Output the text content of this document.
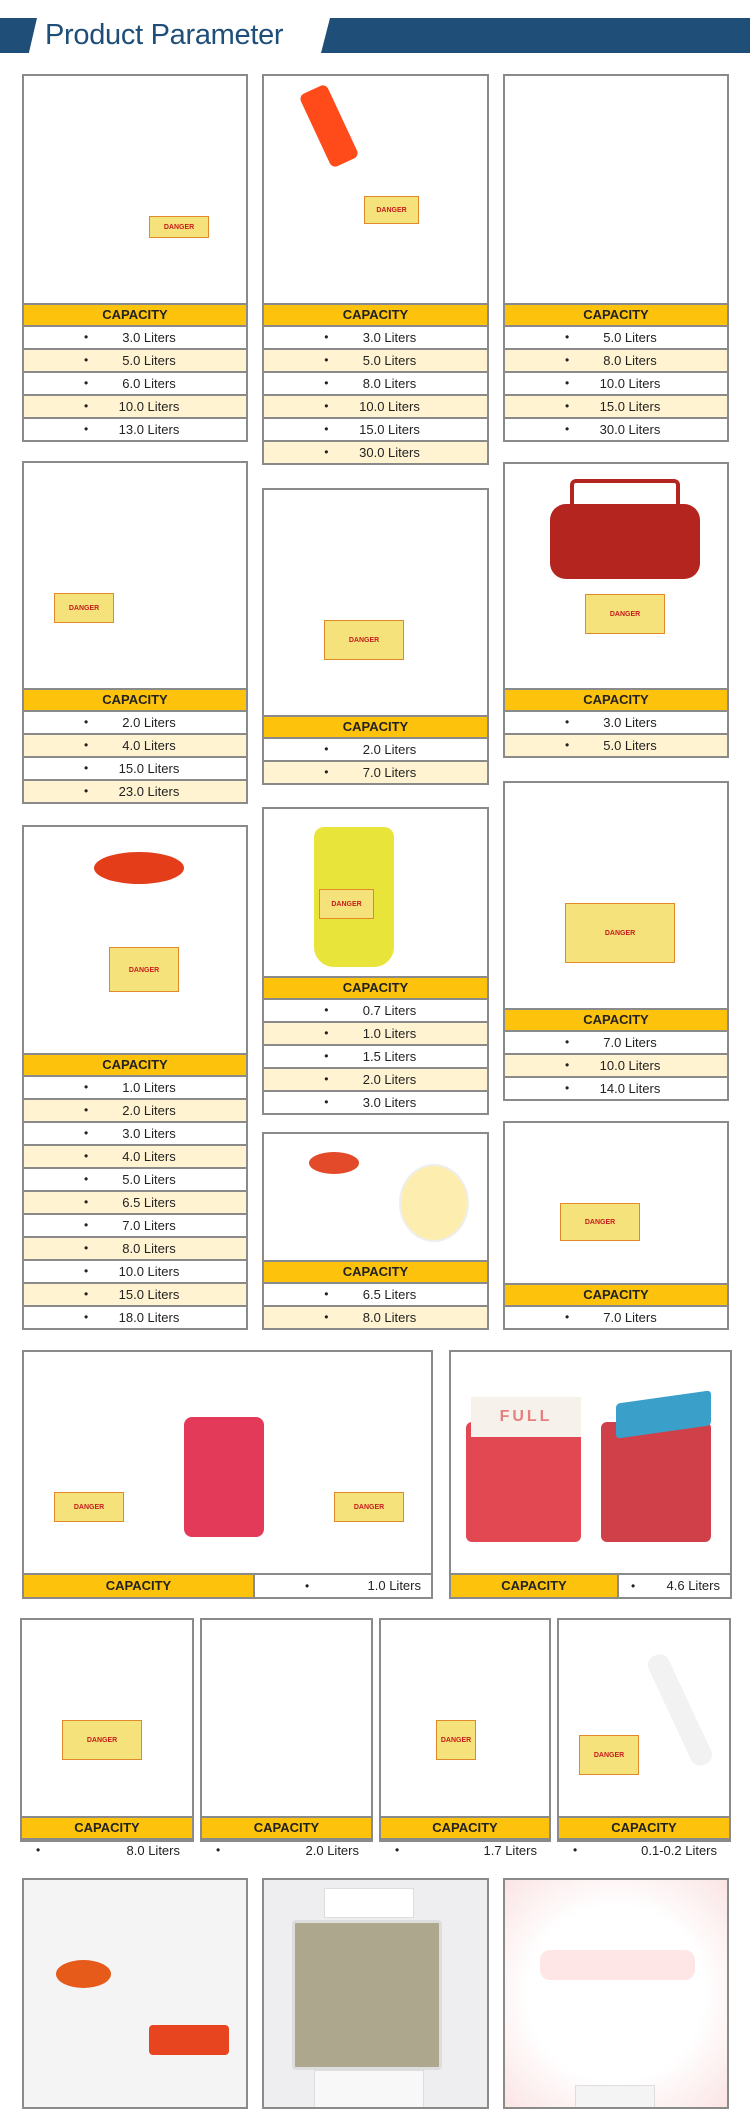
Product Parameter
DANGER
CAPACITY
•	3.0 Liters
•	5.0 Liters
•	6.0 Liters
•	10.0 Liters
•	13.0 Liters
DANGER
CAPACITY
•	3.0 Liters
•	5.0 Liters
•	8.0 Liters
•	10.0 Liters
•	15.0 Liters
•	30.0 Liters
CAPACITY
•	5.0 Liters
•	8.0 Liters
•	10.0 Liters
•	15.0 Liters
•	30.0 Liters
DANGER
CAPACITY
•	2.0 Liters
•	4.0 Liters
•	15.0 Liters
•	23.0 Liters
DANGER
CAPACITY
•	2.0 Liters
•	7.0 Liters
DANGER
CAPACITY
•	3.0 Liters
•	5.0 Liters
DANGER
CAPACITY
•	1.0 Liters
•	2.0 Liters
•	3.0 Liters
•	4.0 Liters
•	5.0 Liters
•	6.5 Liters
•	7.0 Liters
•	8.0 Liters
•	10.0 Liters
•	15.0 Liters
•	18.0 Liters
DANGER
CAPACITY
•	0.7 Liters
•	1.0 Liters
•	1.5 Liters
•	2.0 Liters
•	3.0 Liters
DANGER
CAPACITY
•	7.0 Liters
•	10.0 Liters
•	14.0 Liters
CAPACITY
•	6.5 Liters
•	8.0 Liters
DANGER
CAPACITY
•	7.0 Liters
DANGER	DANGER
CAPACITY	•	1.0 Liters
FULL
CAPACITY	• 4.6 Liters
DANGER
CAPACITY
•	8.0 Liters
CAPACITY
•	2.0 Liters
DANGER
CAPACITY
•	1.7 Liters
DANGER
CAPACITY
•	0.1-0.2 Liters
